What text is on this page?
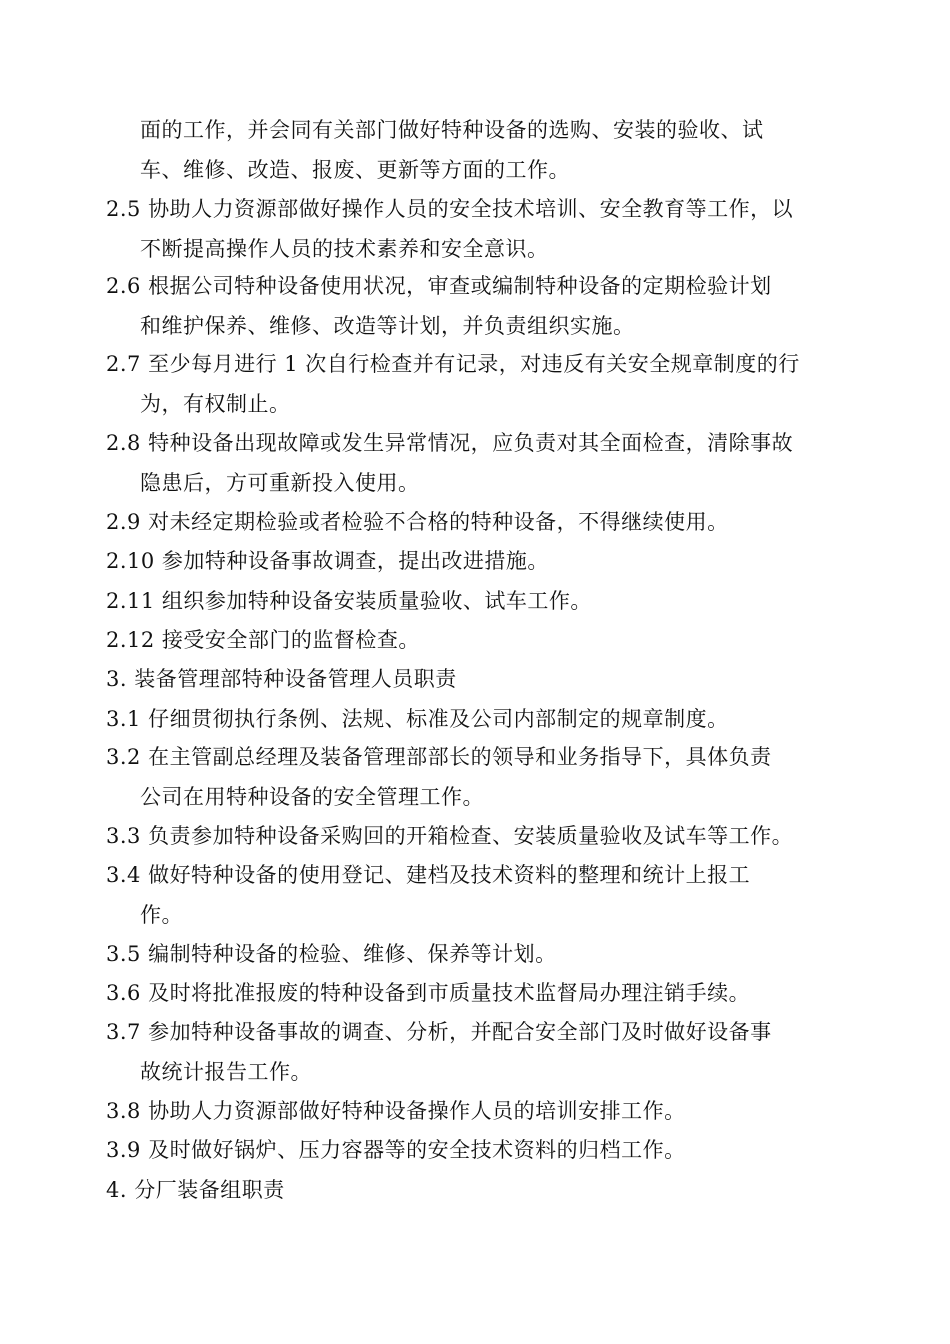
面的工作，并会同有关部门做好特种设备的选购、安装的验收、试
车、维修、改造、报废、更新等方面的工作。
2.5 协助人力资源部做好操作人员的安全技术培训、安全教育等工作，以
不断提高操作人员的技术素养和安全意识。
2.6 根据公司特种设备使用状况，审查或编制特种设备的定期检验计划
和维护保养、维修、改造等计划，并负责组织实施。
2.7 至少每月进行 1 次自行检查并有记录，对违反有关安全规章制度的行
为，有权制止。
2.8 特种设备出现故障或发生异常情况，应负责对其全面检查，清除事故
隐患后，方可重新投入使用。
2.9 对未经定期检验或者检验不合格的特种设备，不得继续使用。
2.10 参加特种设备事故调查，提出改进措施。
2.11 组织参加特种设备安装质量验收、试车工作。
2.12 接受安全部门的监督检查。
3. 装备管理部特种设备管理人员职责
3.1 仔细贯彻执行条例、法规、标准及公司内部制定的规章制度。
3.2 在主管副总经理及装备管理部部长的领导和业务指导下，具体负责
公司在用特种设备的安全管理工作。
3.3 负责参加特种设备采购回的开箱检查、安装质量验收及试车等工作。
3.4 做好特种设备的使用登记、建档及技术资料的整理和统计上报工
作。
3.5 编制特种设备的检验、维修、保养等计划。
3.6 及时将批准报废的特种设备到市质量技术监督局办理注销手续。
3.7 参加特种设备事故的调查、分析，并配合安全部门及时做好设备事
故统计报告工作。
3.8 协助人力资源部做好特种设备操作人员的培训安排工作。
3.9 及时做好锅炉、压力容器等的安全技术资料的归档工作。
4. 分厂装备组职责
